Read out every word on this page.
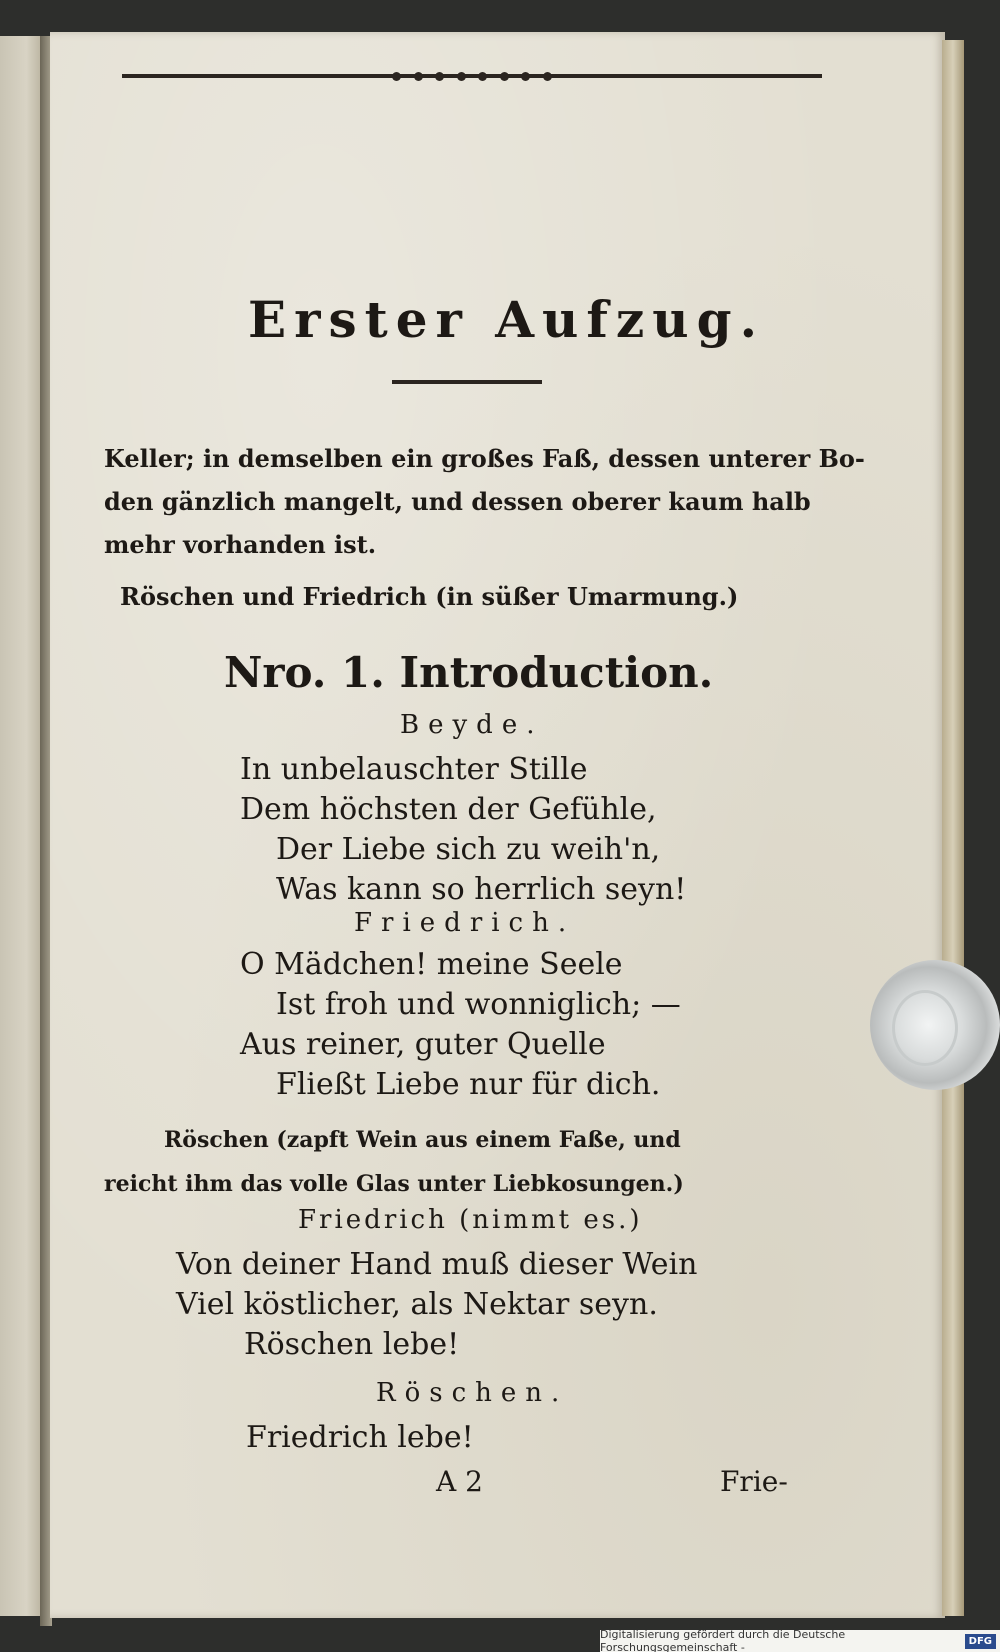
Erster Aufzug.
Keller; in demselben ein großes Faß, dessen unterer Bo-
den gänzlich mangelt, und dessen oberer kaum halb
mehr vorhanden ist.
Röschen und Friedrich (in süßer Umarmung.)
Nro. 1. Introduction.
Beyde.
In unbelauschter Stille
Dem höchsten der Gefühle,
Der Liebe sich zu weih'n,
Was kann so herrlich seyn!
Friedrich.
O Mädchen! meine Seele
Ist froh und wonniglich; —
Aus reiner, guter Quelle
Fließt Liebe nur für dich.
Röschen (zapft Wein aus einem Faße, und
reicht ihm das volle Glas unter Liebkosungen.)
Friedrich (nimmt es.)
Von deiner Hand muß dieser Wein
Viel köstlicher, als Nektar seyn.
Röschen lebe!
Röschen.
Friedrich lebe!
A 2	Frie-
Digitalisierung gefördert durch die Deutsche Forschungsgemeinschaft -	DFG
